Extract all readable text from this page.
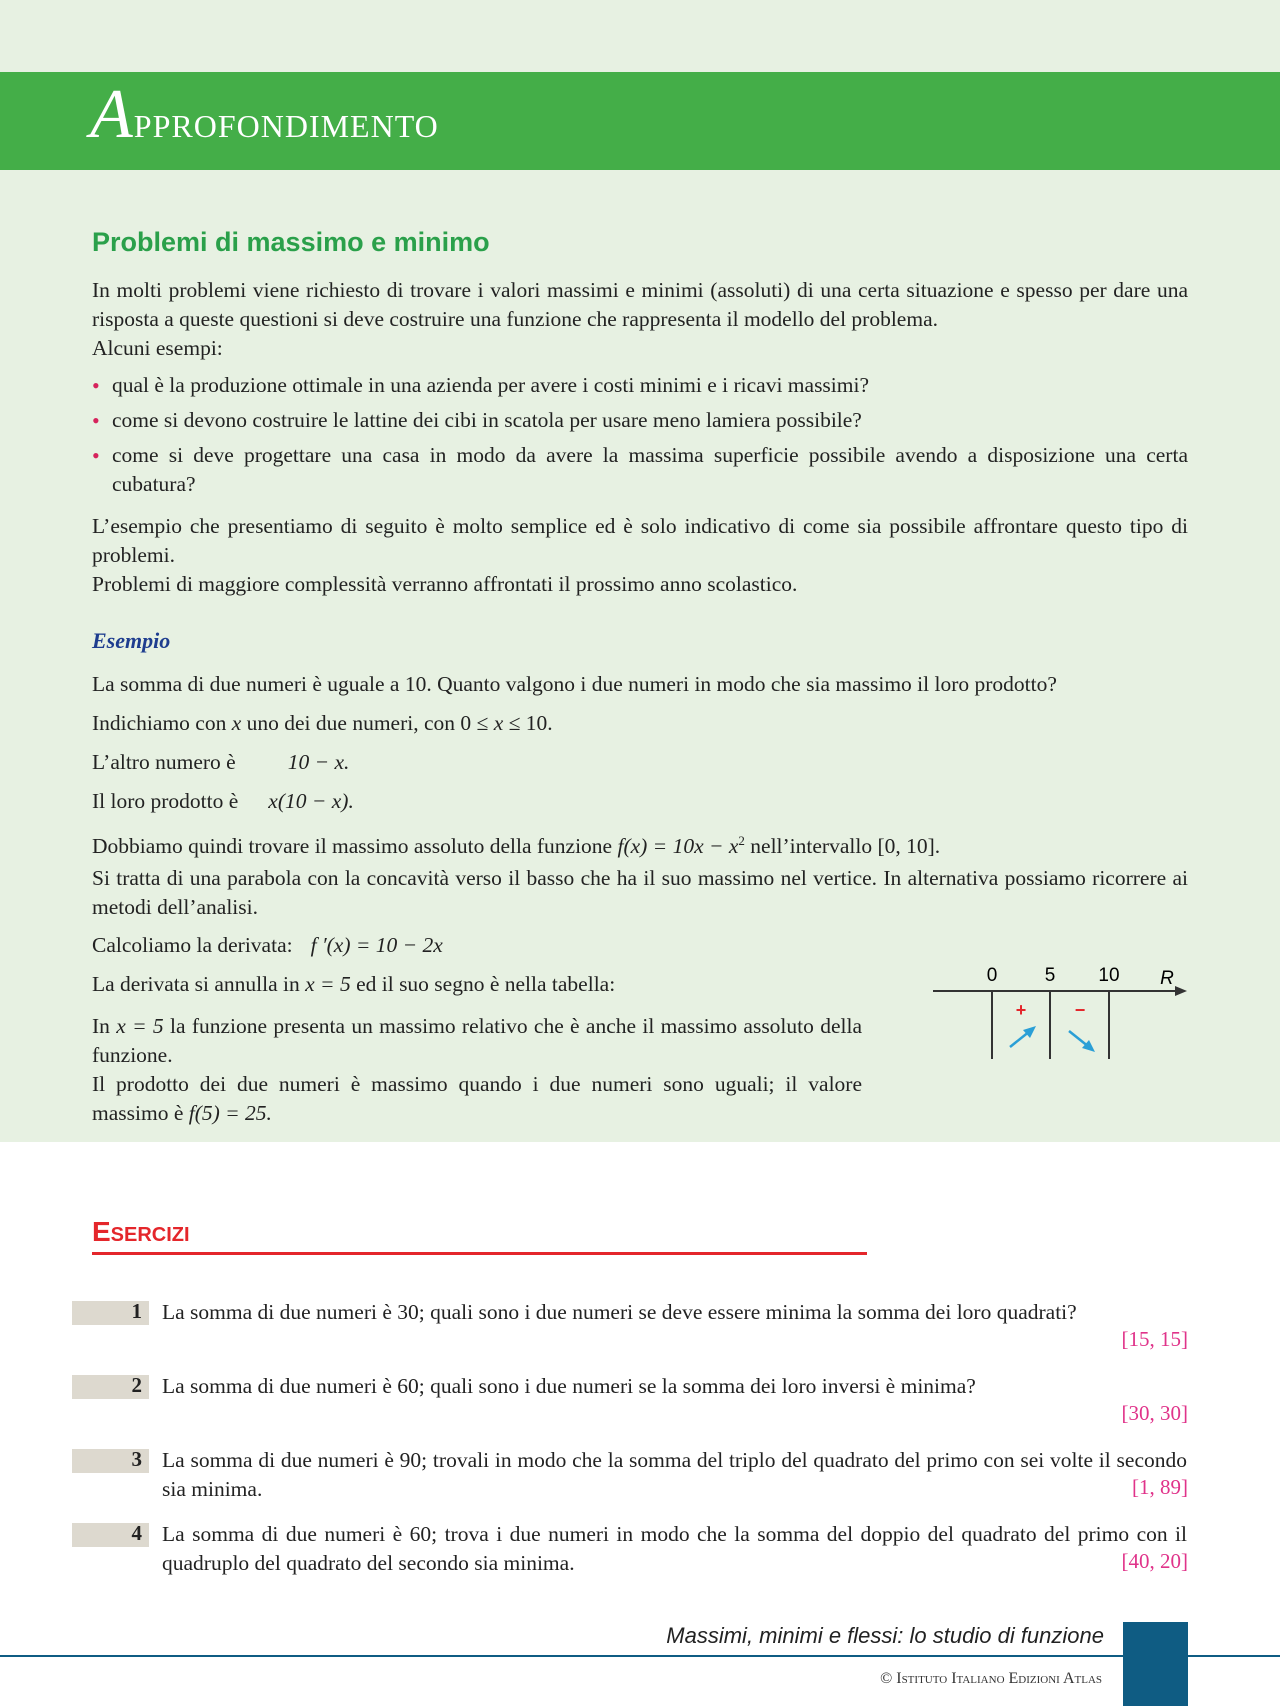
Approfondimento
Problemi di massimo e minimo
In molti problemi viene richiesto di trovare i valori massimi e minimi (assoluti) di una certa situazione e spesso per dare una risposta a queste questioni si deve costruire una funzione che rappresenta il modello del problema.
Alcuni esempi:
• qual è la produzione ottimale in una azienda per avere i costi minimi e i ricavi massimi?
• come si devono costruire le lattine dei cibi in scatola per usare meno lamiera possibile?
• come si deve progettare una casa in modo da avere la massima superficie possibile avendo a disposizione una certa cubatura?
L’esempio che presentiamo di seguito è molto semplice ed è solo indicativo di come sia possibile affrontare questo tipo di problemi.
Problemi di maggiore complessità verranno affrontati il prossimo anno scolastico.
Esempio
La somma di due numeri è uguale a 10. Quanto valgono i due numeri in modo che sia massimo il loro prodotto?
Indichiamo con x uno dei due numeri, con 0 ≤ x ≤ 10.
L’altro numero è 10 − x.
Il loro prodotto è x(10 − x).
Dobbiamo quindi trovare il massimo assoluto della funzione $f(x) = 10x - x^2$ nell’intervallo [0, 10].
Si tratta di una parabola con la concavità verso il basso che ha il suo massimo nel vertice. In alternativa possiamo ricorrere ai metodi dell’analisi.
Calcoliamo la derivata: f ′(x) = 10 − 2x
La derivata si annulla in x = 5 ed il suo segno è nella tabella:
In x = 5 la funzione presenta un massimo relativo che è anche il massimo assoluto della funzione.
Il prodotto dei due numeri è massimo quando i due numeri sono uguali; il valore massimo è f(5) = 25.
0 5 10 R
+	−
Esercizi
1 La somma di due numeri è 30; quali sono i due numeri se deve essere minima la somma dei loro quadrati?
[15, 15]
2 La somma di due numeri è 60; quali sono i due numeri se la somma dei loro inversi è minima?
[30, 30]
3 La somma di due numeri è 90; trovali in modo che la somma del triplo del quadrato del primo con sei volte il secondo sia minima.	[1, 89]
4 La somma di due numeri è 60; trova i due numeri in modo che la somma del doppio del quadrato del primo con il quadruplo del quadrato del secondo sia minima.	[40, 20]
Massimi, minimi e flessi: lo studio di funzione
© Istituto Italiano Edizioni Atlas
